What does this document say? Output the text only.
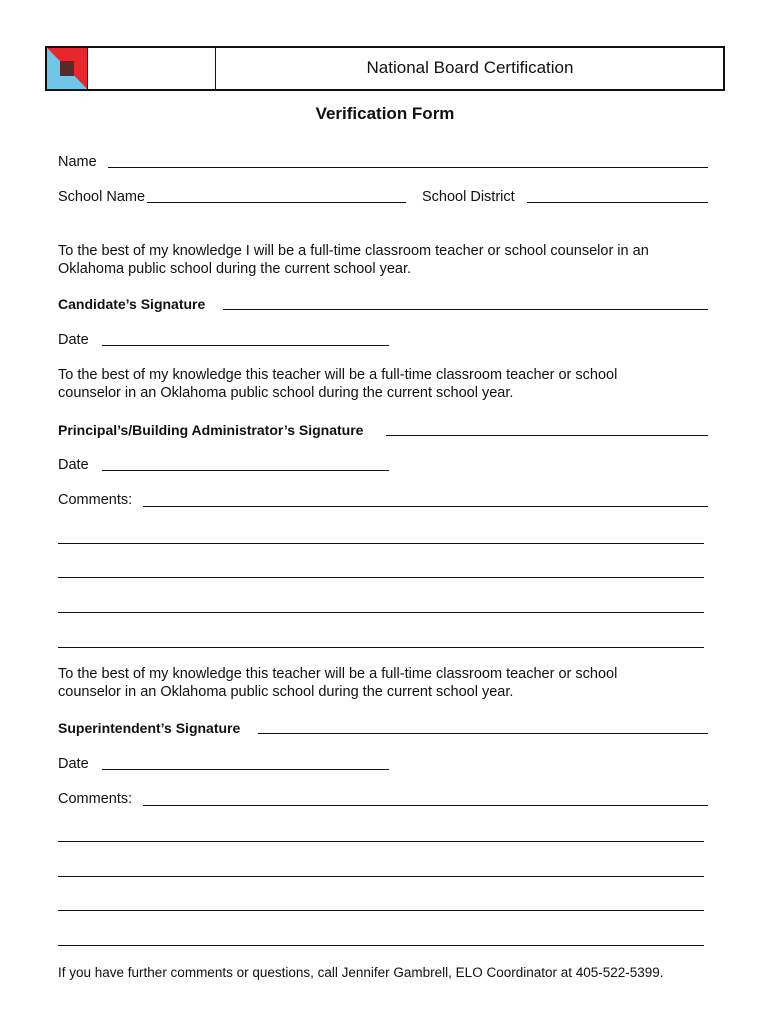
National Board Certification
Verification Form
Name
School Name	School District
To the best of my knowledge I will be a full-time classroom teacher or school counselor in an
Oklahoma public school during the current school year.
Candidate’s Signature
Date
To the best of my knowledge this teacher will be a full-time classroom teacher or school
counselor in an Oklahoma public school during the current school year.
Principal’s/Building Administrator’s Signature
Date
Comments:
To the best of my knowledge this teacher will be a full-time classroom teacher or school
counselor in an Oklahoma public school during the current school year.
Superintendent’s Signature
Date
Comments:
If you have further comments or questions, call Jennifer Gambrell, ELO Coordinator at 405-522-5399.
